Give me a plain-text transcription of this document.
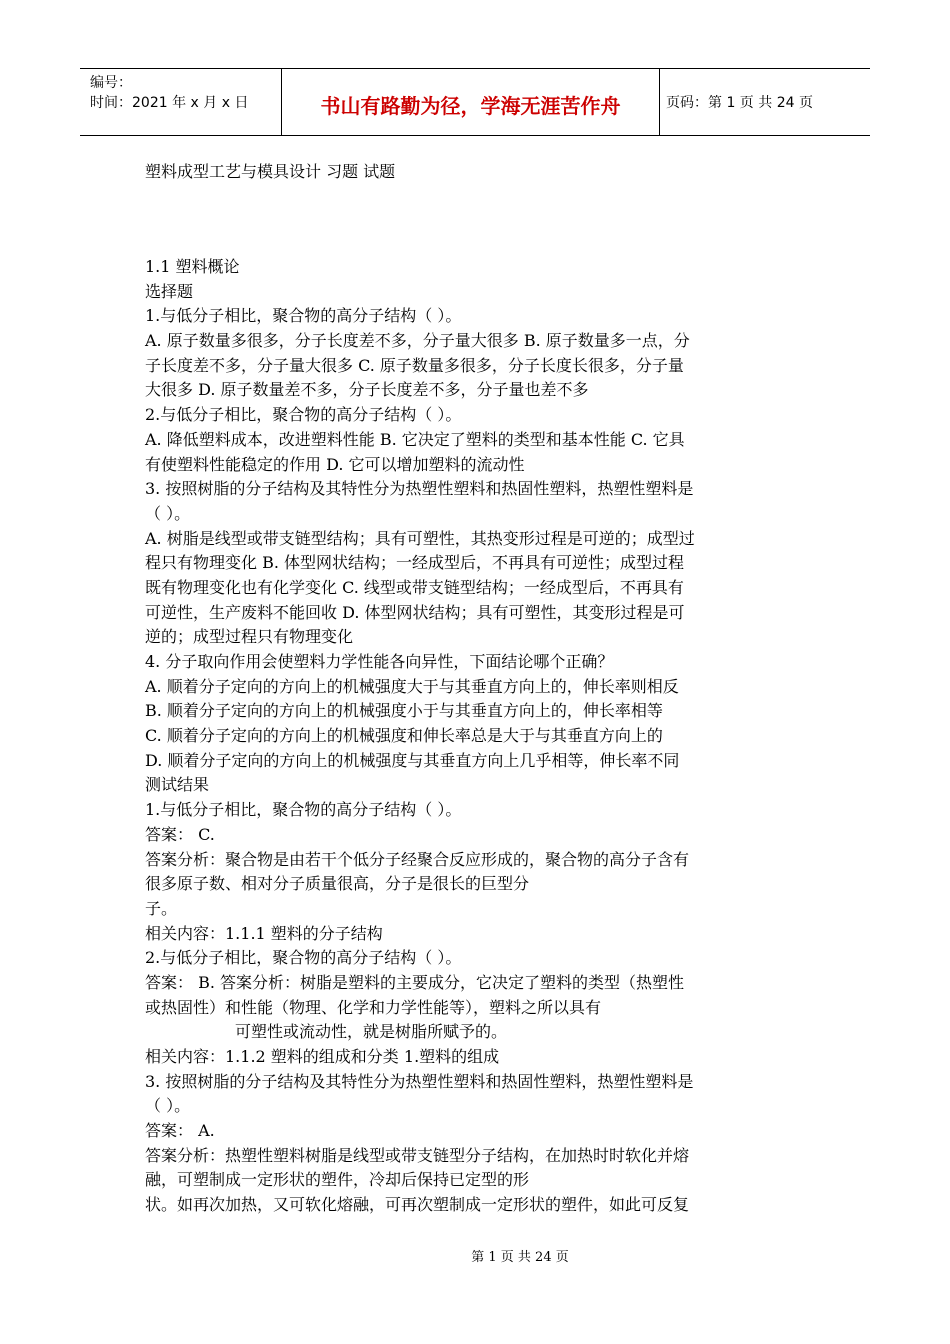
编号：
时间：2021 年 x 月 x 日	书山有路勤为径，学海无涯苦作舟	页码：第 1 页 共 24 页
塑料成型工艺与模具设计 习题 试题
1.1 塑料概论
选择题
1.与低分子相比，聚合物的高分子结构（ ）。
A. 原子数量多很多，分子长度差不多，分子量大很多 B. 原子数量多一点，分
子长度差不多，分子量大很多 C. 原子数量多很多，分子长度长很多，分子量
大很多 D. 原子数量差不多，分子长度差不多，分子量也差不多
2.与低分子相比，聚合物的高分子结构（ ）。
A. 降低塑料成本，改进塑料性能 B. 它决定了塑料的类型和基本性能 C. 它具
有使塑料性能稳定的作用 D. 它可以增加塑料的流动性
3. 按照树脂的分子结构及其特性分为热塑性塑料和热固性塑料，热塑性塑料是
（ ）。
A. 树脂是线型或带支链型结构；具有可塑性，其热变形过程是可逆的；成型过
程只有物理变化 B. 体型网状结构；一经成型后，不再具有可逆性；成型过程
既有物理变化也有化学变化 C. 线型或带支链型结构；一经成型后，不再具有
可逆性，生产废料不能回收 D. 体型网状结构；具有可塑性，其变形过程是可
逆的；成型过程只有物理变化
4. 分子取向作用会使塑料力学性能各向异性，下面结论哪个正确？
A. 顺着分子定向的方向上的机械强度大于与其垂直方向上的，伸长率则相反
B. 顺着分子定向的方向上的机械强度小于与其垂直方向上的，伸长率相等
C. 顺着分子定向的方向上的机械强度和伸长率总是大于与其垂直方向上的
D. 顺着分子定向的方向上的机械强度与其垂直方向上几乎相等，伸长率不同
测试结果
1.与低分子相比，聚合物的高分子结构（ ）。
答案： C.
答案分析：聚合物是由若干个低分子经聚合反应形成的，聚合物的高分子含有
很多原子数、相对分子质量很高，分子是很长的巨型分
子。
相关内容：1.1.1 塑料的分子结构
2.与低分子相比，聚合物的高分子结构（ ）。
答案： B. 答案分析：树脂是塑料的主要成分，它决定了塑料的类型（热塑性
或热固性）和性能（物理、化学和力学性能等），塑料之所以具有
可塑性或流动性，就是树脂所赋予的。
相关内容：1.1.2 塑料的组成和分类 1.塑料的组成
3. 按照树脂的分子结构及其特性分为热塑性塑料和热固性塑料，热塑性塑料是
（ ）。
答案： A.
答案分析：热塑性塑料树脂是线型或带支链型分子结构，在加热时时软化并熔
融，可塑制成一定形状的塑件，冷却后保持已定型的形
状。如再次加热，又可软化熔融，可再次塑制成一定形状的塑件，如此可反复
第 1 页 共 24 页
